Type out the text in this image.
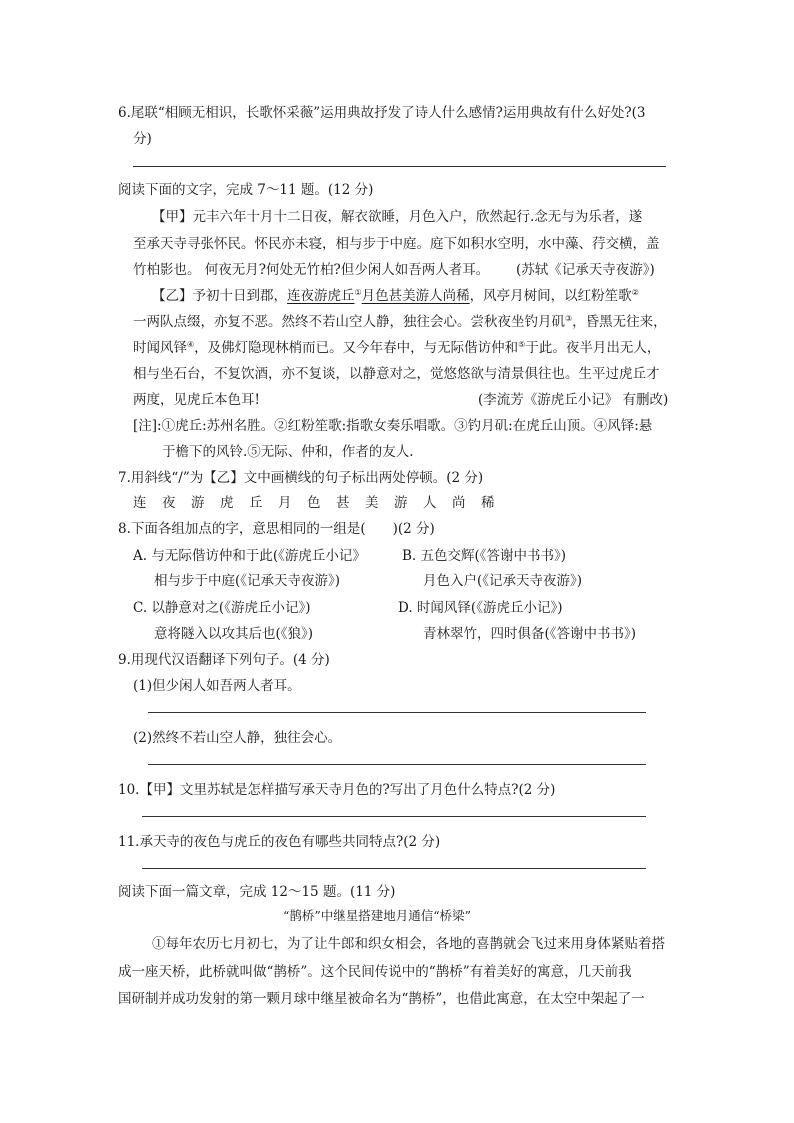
6.尾联“相顾无相识，长歌怀采薇”运用典故抒发了诗人什么感情?运用典故有什么好处?(3
分)
阅读下面的文字，完成 7～11 题。(12 分)
【甲】元丰六年十月十二日夜，解衣欲睡，月色入户，欣然起行.念无与为乐者，遂
至承天寺寻张怀民。怀民亦未寝，相与步于中庭。庭下如积水空明，水中藻、荇交横，盖
竹柏影也。 何夜无月?何处无竹柏?但少闲人如吾两人者耳。 (苏轼《记承天寺夜游》)
【乙】予初十日到郡，连夜游虎丘①月色甚美游人尚稀，风亭月树间，以红粉笙歌②
一两队点缀，亦复不恶。然终不若山空人静，独往会心。尝秋夜坐钓月矶③，昏黑无往来，
时闻风铎④，及佛灯隐现林梢而已。又今年春中，与无际偕访仲和⑤于此。夜半月出无人，
相与坐石台，不复饮酒，亦不复谈，以静意对之，觉悠悠欲与清景俱往也。生平过虎丘才
两度，见虎丘本色耳!	(李流芳《游虎丘小记》 有删改)
[注]:①虎丘:苏州名胜。②红粉笙歌:指歌女奏乐唱歌。③钓月矶:在虎丘山顶。④风铎:悬
于檐下的风铃.⑤无际、仲和，作者的友人.
7.用斜线“/”为【乙】文中画横线的句子标出两处停顿。(2 分)
连夜游虎丘月色甚美游人尚稀
8.下面各组加点的字，意思相同的一组是(　　)(2 分)
A. 与无际偕访仲和于此(《游虎丘小记》
相与步于中庭(《记承天寺夜游》)
B. 五色交辉(《答谢中书书》)
月色入户(《记承天寺夜游》)
C. 以静意对之(《游虎丘小记》)
意将隧入以攻其后也(《狼》)
D. 时闻风铎(《游虎丘小记》)
青林翠竹，四时俱备(《答谢中书书》)
9.用现代汉语翻译下列句子。(4 分)
(1)但少闲人如吾两人者耳。
(2)然终不若山空人静，独往会心。
10.【甲】文里苏轼是怎样描写承天寺月色的?写出了月色什么特点?(2 分)
11.承天寺的夜色与虎丘的夜色有哪些共同特点?(2 分)
阅读下面一篇文章，完成 12～15 题。(11 分)
“鹊桥”中继星搭建地月通信“桥梁”
①每年农历七月初七，为了让牛郎和织女相会，各地的喜鹊就会飞过来用身体紧贴着搭
成一座天桥，此桥就叫做“鹊桥”。这个民间传说中的“鹊桥”有着美好的寓意，几天前我
国研制并成功发射的第一颗月球中继星被命名为“鹊桥”，也借此寓意，在太空中架起了一
